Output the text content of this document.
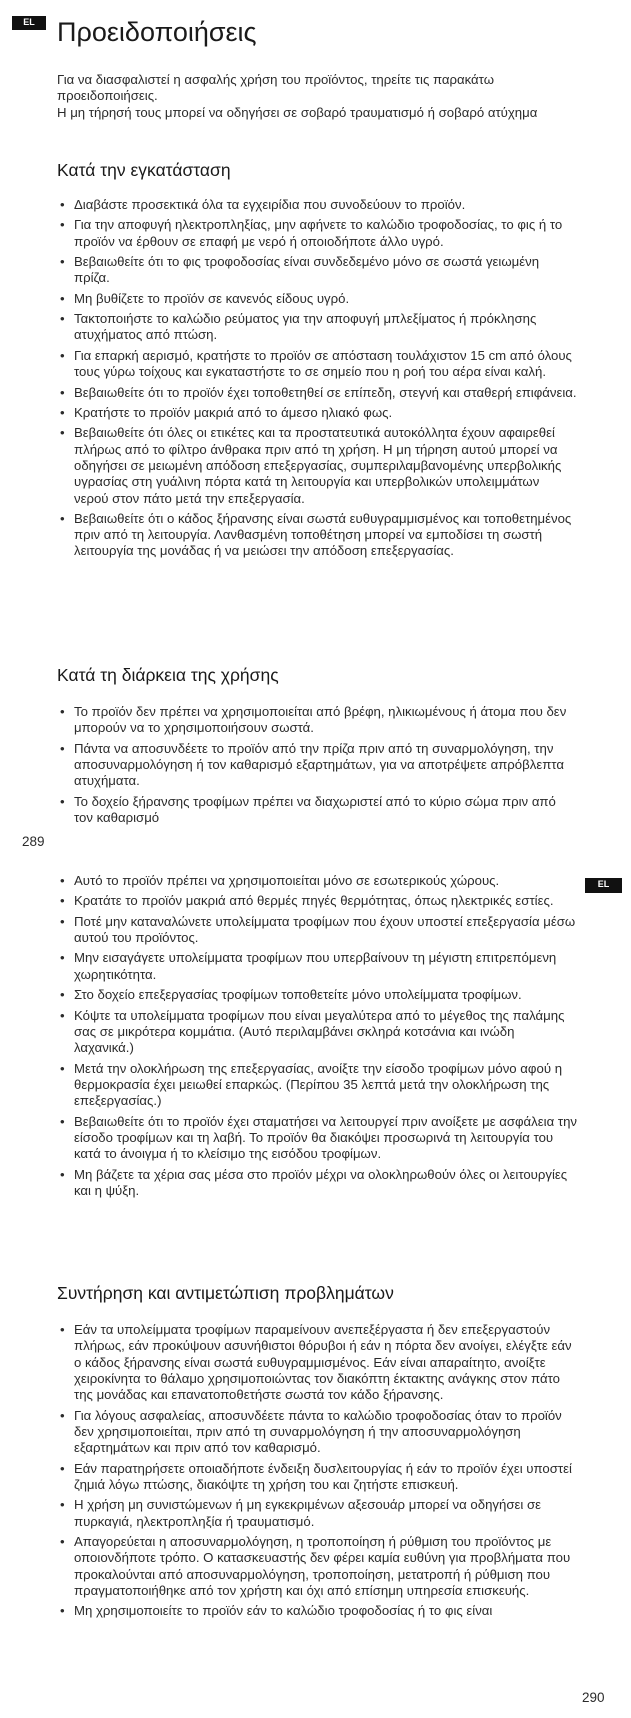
EL Προειδοποιήσεις

Για να διασφαλιστεί η ασφαλής χρήση του προϊόντος, τηρείτε τις παρακάτω προειδοποιήσεις.
Η μη τήρησή τους μπορεί να οδηγήσει σε σοβαρό τραυματισμό ή σοβαρό ατύχημα

Κατά την εγκατάσταση
• Διαβάστε προσεκτικά όλα τα εγχειρίδια που συνοδεύουν το προϊόν.
• Για την αποφυγή ηλεκτροπληξίας, μην αφήνετε το καλώδιο τροφοδοσίας, το φις ή το προϊόν να έρθουν σε επαφή με νερό ή οποιοδήποτε άλλο υγρό.
• Βεβαιωθείτε ότι το φις τροφοδοσίας είναι συνδεδεμένο μόνο σε σωστά γειωμένη πρίζα.
• Μη βυθίζετε το προϊόν σε κανενός είδους υγρό.
• Τακτοποιήστε το καλώδιο ρεύματος για την αποφυγή μπλεξίματος ή πρόκλησης ατυχήματος από πτώση.
• Για επαρκή αερισμό, κρατήστε το προϊόν σε απόσταση τουλάχιστον 15 cm από όλους τους γύρω τοίχους και εγκαταστήστε το σε σημείο που η ροή του αέρα είναι καλή.
• Βεβαιωθείτε ότι το προϊόν έχει τοποθετηθεί σε επίπεδη, στεγνή και σταθερή επιφάνεια.
• Κρατήστε το προϊόν μακριά από το άμεσο ηλιακό φως.
• Βεβαιωθείτε ότι όλες οι ετικέτες και τα προστατευτικά αυτοκόλλητα έχουν αφαιρεθεί πλήρως από το φίλτρο άνθρακα πριν από τη χρήση. Η μη τήρηση αυτού μπορεί να οδηγήσει σε μειωμένη απόδοση επεξεργασίας, συμπεριλαμβανομένης υπερβολικής υγρασίας στη γυάλινη πόρτα κατά τη λειτουργία και υπερβολικών υπολειμμάτων νερού στον πάτο μετά την επεξεργασία.
• Βεβαιωθείτε ότι ο κάδος ξήρανσης είναι σωστά ευθυγραμμισμένος και τοποθετημένος πριν από τη λειτουργία. Λανθασμένη τοποθέτηση μπορεί να εμποδίσει τη σωστή λειτουργία της μονάδας ή να μειώσει την απόδοση επεξεργασίας.
Κατά τη διάρκεια της χρήσης
• Το προϊόν δεν πρέπει να χρησιμοποιείται από βρέφη, ηλικιωμένους ή άτομα που δεν μπορούν να το χρησιμοποιήσουν σωστά.
• Πάντα να αποσυνδέετε το προϊόν από την πρίζα πριν από τη συναρμολόγηση, την αποσυναρμολόγηση ή τον καθαρισμό εξαρτημάτων, για να αποτρέψετε απρόβλεπτα ατυχήματα.
• Το δοχείο ξήρανσης τροφίμων πρέπει να διαχωριστεί από το κύριο σώμα πριν από τον καθαρισμό
289
EL
• Αυτό το προϊόν πρέπει να χρησιμοποιείται μόνο σε εσωτερικούς χώρους.
• Κρατάτε το προϊόν μακριά από θερμές πηγές θερμότητας, όπως ηλεκτρικές εστίες.
• Ποτέ μην καταναλώνετε υπολείμματα τροφίμων που έχουν υποστεί επεξεργασία μέσω αυτού του προϊόντος.
• Μην εισαγάγετε υπολείμματα τροφίμων που υπερβαίνουν τη μέγιστη επιτρεπόμενη χωρητικότητα.
• Στο δοχείο επεξεργασίας τροφίμων τοποθετείτε μόνο υπολείμματα τροφίμων.
• Κόψτε τα υπολείμματα τροφίμων που είναι μεγαλύτερα από το μέγεθος της παλάμης σας σε μικρότερα κομμάτια. (Αυτό περιλαμβάνει σκληρά κοτσάνια και ινώδη λαχανικά.)
• Μετά την ολοκλήρωση της επεξεργασίας, ανοίξτε την είσοδο τροφίμων μόνο αφού η θερμοκρασία έχει μειωθεί επαρκώς. (Περίπου 35 λεπτά μετά την ολοκλήρωση της επεξεργασίας.)
• Βεβαιωθείτε ότι το προϊόν έχει σταματήσει να λειτουργεί πριν ανοίξετε με ασφάλεια την είσοδο τροφίμων και τη λαβή. Το προϊόν θα διακόψει προσωρινά τη λειτουργία του κατά το άνοιγμα ή το κλείσιμο της εισόδου τροφίμων.
• Μη βάζετε τα χέρια σας μέσα στο προϊόν μέχρι να ολοκληρωθούν όλες οι λειτουργίες και η ψύξη.
Συντήρηση και αντιμετώπιση προβλημάτων
• Εάν τα υπολείμματα τροφίμων παραμείνουν ανεπεξέργαστα ή δεν επεξεργαστούν πλήρως, εάν προκύψουν ασυνήθιστοι θόρυβοι ή εάν η πόρτα δεν ανοίγει, ελέγξτε εάν ο κάδος ξήρανσης είναι σωστά ευθυγραμμισμένος. Εάν είναι απαραίτητο, ανοίξτε χειροκίνητα το θάλαμο χρησιμοποιώντας τον διακόπτη έκτακτης ανάγκης στον πάτο της μονάδας και επανατοποθετήστε σωστά τον κάδο ξήρανσης.
• Για λόγους ασφαλείας, αποσυνδέετε πάντα το καλώδιο τροφοδοσίας όταν το προϊόν δεν χρησιμοποιείται, πριν από τη συναρμολόγηση ή την αποσυναρμολόγηση εξαρτημάτων και πριν από τον καθαρισμό.
• Εάν παρατηρήσετε οποιαδήποτε ένδειξη δυσλειτουργίας ή εάν το προϊόν έχει υποστεί ζημιά λόγω πτώσης, διακόψτε τη χρήση του και ζητήστε επισκευή.
• Η χρήση μη συνιστώμενων ή μη εγκεκριμένων αξεσουάρ μπορεί να οδηγήσει σε πυρκαγιά, ηλεκτροπληξία ή τραυματισμό.
• Απαγορεύεται η αποσυναρμολόγηση, η τροποποίηση ή ρύθμιση του προϊόντος με οποιονδήποτε τρόπο. Ο κατασκευαστής δεν φέρει καμία ευθύνη για προβλήματα που προκαλούνται από αποσυναρμολόγηση, τροποποίηση, μετατροπή ή ρύθμιση που πραγματοποιήθηκε από τον χρήστη και όχι από επίσημη υπηρεσία επισκευής.
• Μη χρησιμοποιείτε το προϊόν εάν το καλώδιο τροφοδοσίας ή το φις είναι
290
